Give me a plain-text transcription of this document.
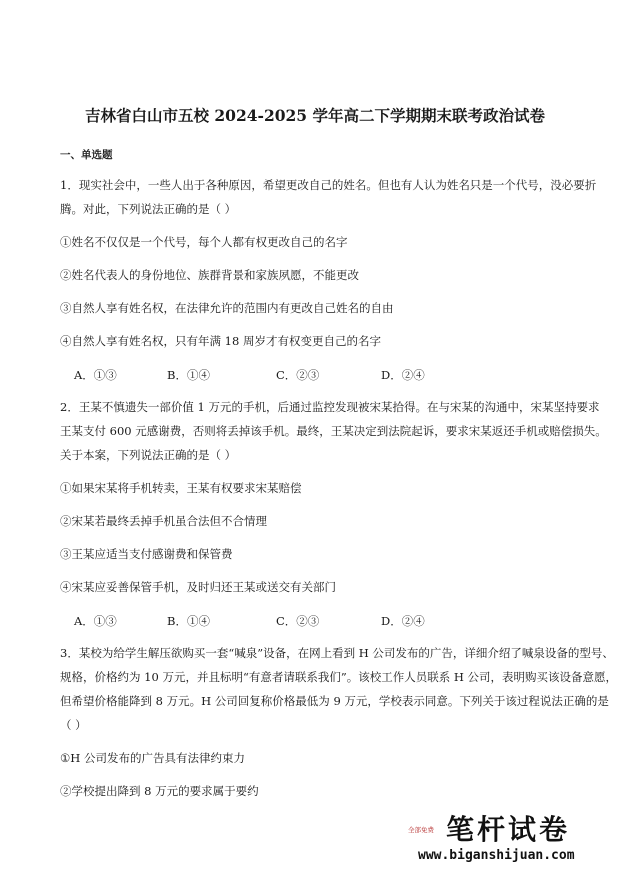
吉林省白山市五校 2024-2025 学年高二下学期期末联考政治试卷
一、单选题
1．现实社会中，一些人出于各种原因，希望更改自己的姓名。但也有人认为姓名只是一个代号，没必要折
腾。对此，下列说法正确的是（ ）
①姓名不仅仅是一个代号，每个人都有权更改自己的名字
②姓名代表人的身份地位、族群背景和家族夙愿，不能更改
③自然人享有姓名权，在法律允许的范围内有更改自己姓名的自由
④自然人享有姓名权，只有年满 18 周岁才有权变更自己的名字
A．①③	B．①④	C．②③	D．②④
2．王某不慎遗失一部价值 1 万元的手机，后通过监控发现被宋某拾得。在与宋某的沟通中，宋某坚持要求
王某支付 600 元感谢费，否则将丢掉该手机。最终，王某决定到法院起诉，要求宋某返还手机或赔偿损失。
关于本案，下列说法正确的是（ ）
①如果宋某将手机转卖，王某有权要求宋某赔偿
②宋某若最终丢掉手机虽合法但不合情理
③王某应适当支付感谢费和保管费
④宋某应妥善保管手机，及时归还王某或送交有关部门
A．①③	B．①④	C．②③	D．②④
3．某校为给学生解压欲购买一套“喊泉”设备，在网上看到 H 公司发布的广告，详细介绍了喊泉设备的型号、
规格，价格约为 10 万元，并且标明“有意者请联系我们”。该校工作人员联系 H 公司，表明购买该设备意愿，
但希望价格能降到 8 万元。H 公司回复称价格最低为 9 万元，学校表示同意。下列关于该过程说法正确的是
（ ）
①H 公司发布的广告具有法律约束力
②学校提出降到 8 万元的要求属于要约
全部免费 笔杆试卷
www.biganshijuan.com
